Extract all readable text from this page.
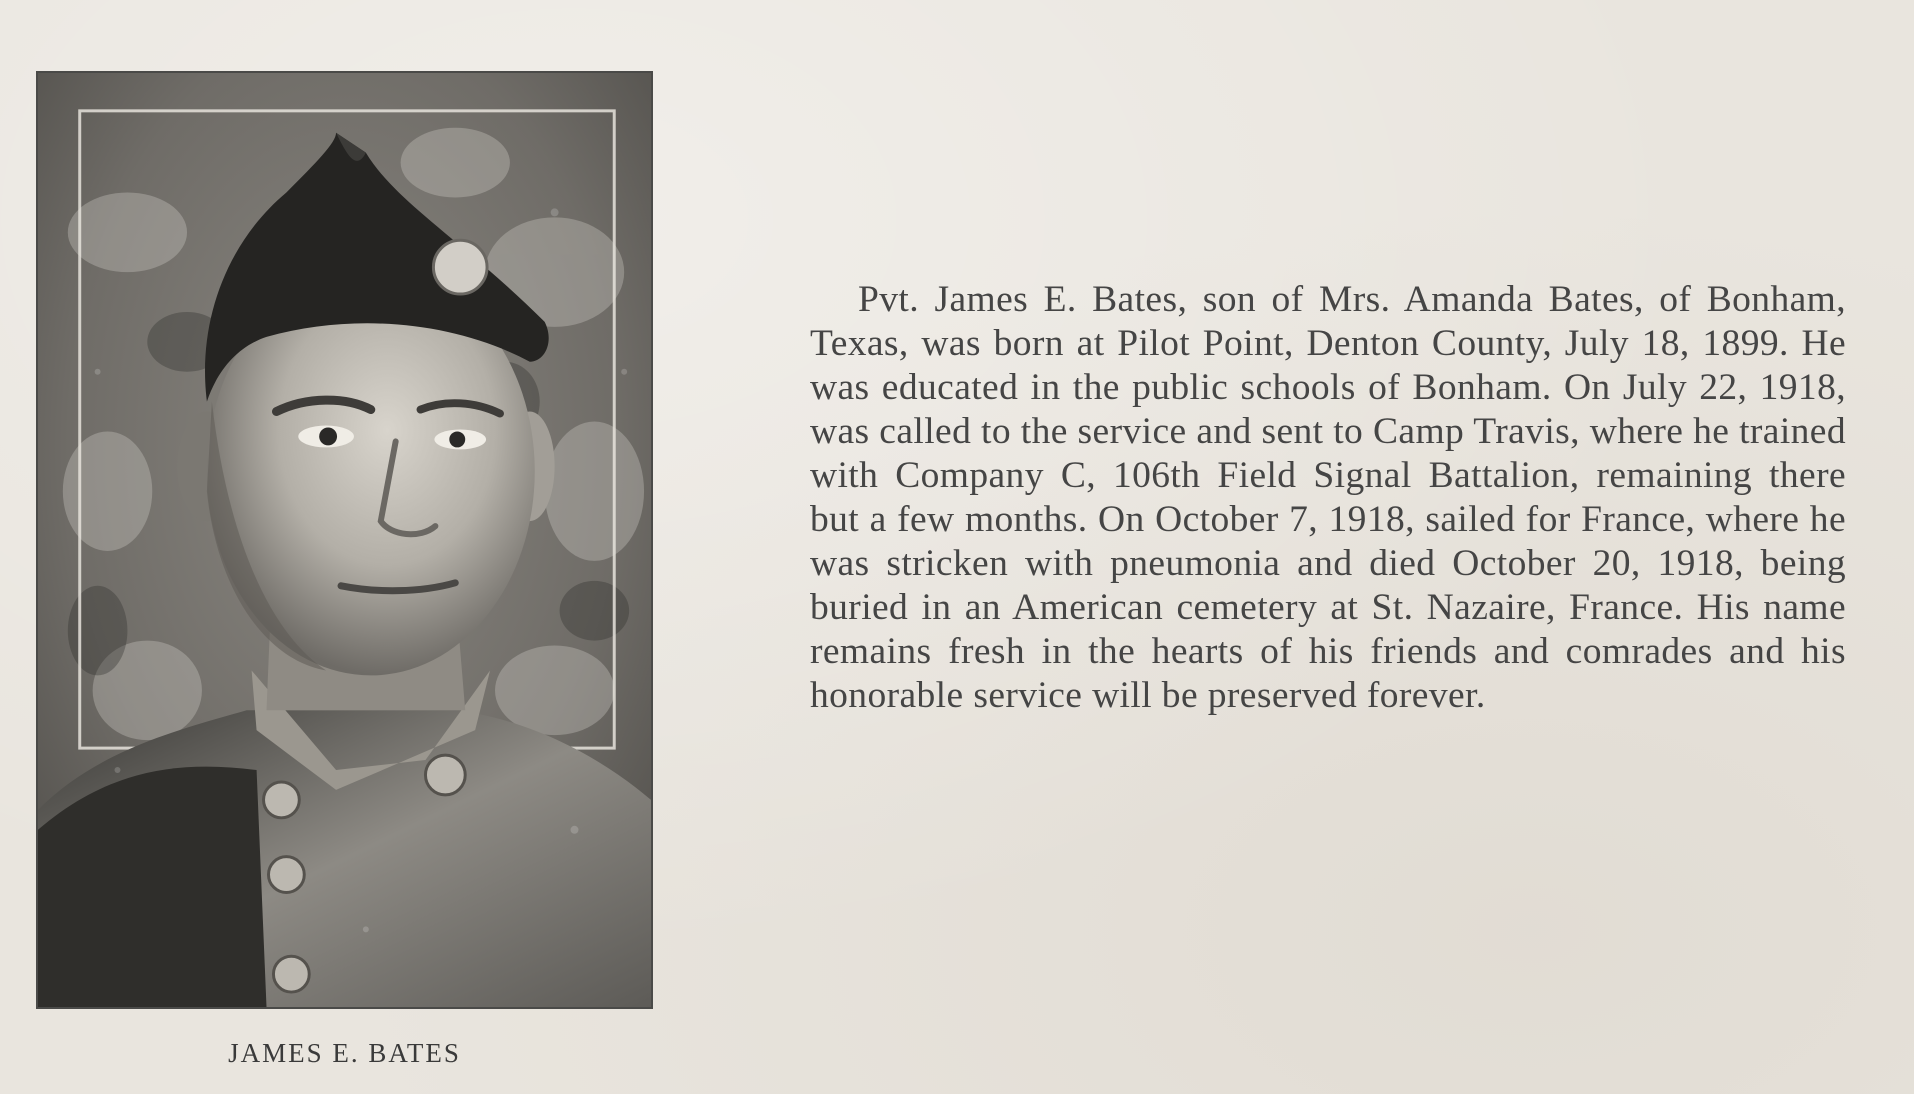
JAMES E. BATES

Pvt. James E. Bates, son of Mrs. Amanda Bates, of Bonham, Texas, was born at Pilot Point, Denton County, July 18, 1899. He was educated in the public schools of Bonham. On July 22, 1918, was called to the service and sent to Camp Travis, where he trained with Company C, 106th Field Signal Battalion, remaining there but a few months. On October 7, 1918, sailed for France, where he was stricken with pneumonia and died October 20, 1918, being buried in an American cemetery at St. Nazaire, France. His name remains fresh in the hearts of his friends and comrades and his honorable service will be preserved forever.
